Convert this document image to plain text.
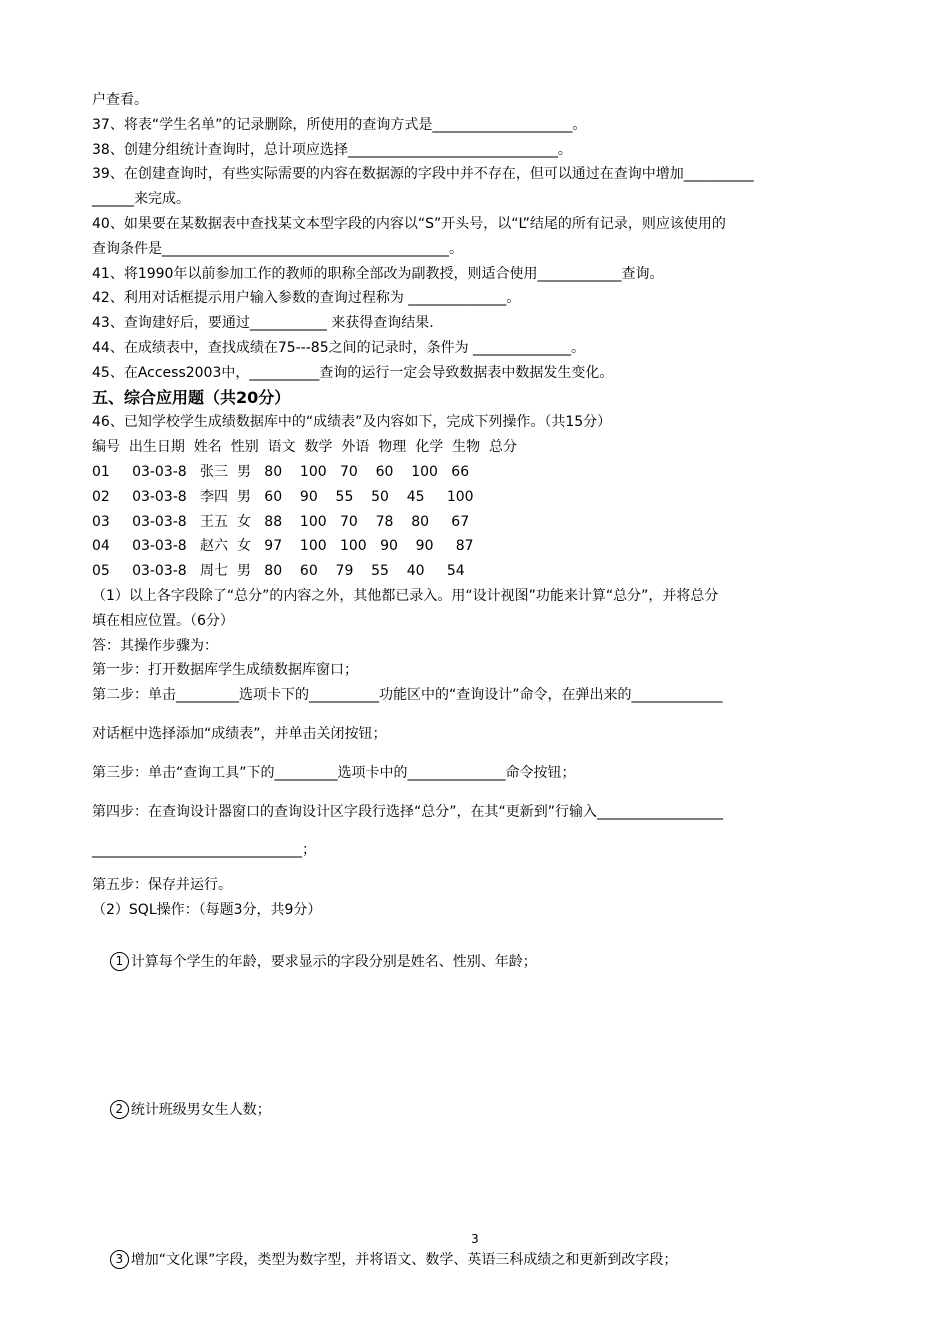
户查看。
37、将表“学生名单”的记录删除，所使用的查询方式是____________________。
38、创建分组统计查询时，总计项应选择______________________________。
39、在创建查询时，有些实际需要的内容在数据源的字段中并不存在，但可以通过在查询中增加__________
______来完成。
40、如果要在某数据表中查找某文本型字段的内容以“S”开头号，以“L”结尾的所有记录，则应该使用的
查询条件是_________________________________________。
41、将1990年以前参加工作的教师的职称全部改为副教授，则适合使用____________查询。
42、利用对话框提示用户输入参数的查询过程称为 ______________。
43、查询建好后，要通过___________ 来获得查询结果.
44、在成绩表中，查找成绩在75---85之间的记录时，条件为 ______________。
45、在Access2003中，__________查询的运行一定会导致数据表中数据发生变化。
五、综合应用题（共20分）
46、已知学校学生成绩数据库中的“成绩表”及内容如下，完成下列操作。（共15分）
编号  出生日期  姓名  性别  语文  数学  外语  物理  化学  生物  总分
01     03-03-8   张三  男   80    100   70    60    100   66
02     03-03-8   李四  男   60    90    55    50    45     100
03     03-03-8   王五  女   88    100   70    78    80     67
04     03-03-8   赵六  女   97    100   100   90    90     87
05     03-03-8   周七  男   80    60    79    55    40     54
（1）以上各字段除了“总分”的内容之外，其他都已录入。用“设计视图”功能来计算“总分”，并将总分
填在相应位置。（6分）
答：其操作步骤为：
第一步：打开数据库学生成绩数据库窗口；
第二步：单击_________选项卡下的__________功能区中的“查询设计”命令，在弹出来的_____________
对话框中选择添加“成绩表”，并单击关闭按钮；
第三步：单击“查询工具”下的_________选项卡中的______________命令按钮；
第四步：在查询设计器窗口的查询设计区字段行选择“总分”，在其“更新到”行输入__________________
______________________________；
第五步：保存并运行。
（2）SQL操作：（每题3分，共9分）

1 计算每个学生的年龄，要求显示的字段分别是姓名、性别、年龄；

2 统计班级男女生人数；

3 增加“文化课”字段，类型为数字型，并将语文、数学、英语三科成绩之和更新到改字段；

3
